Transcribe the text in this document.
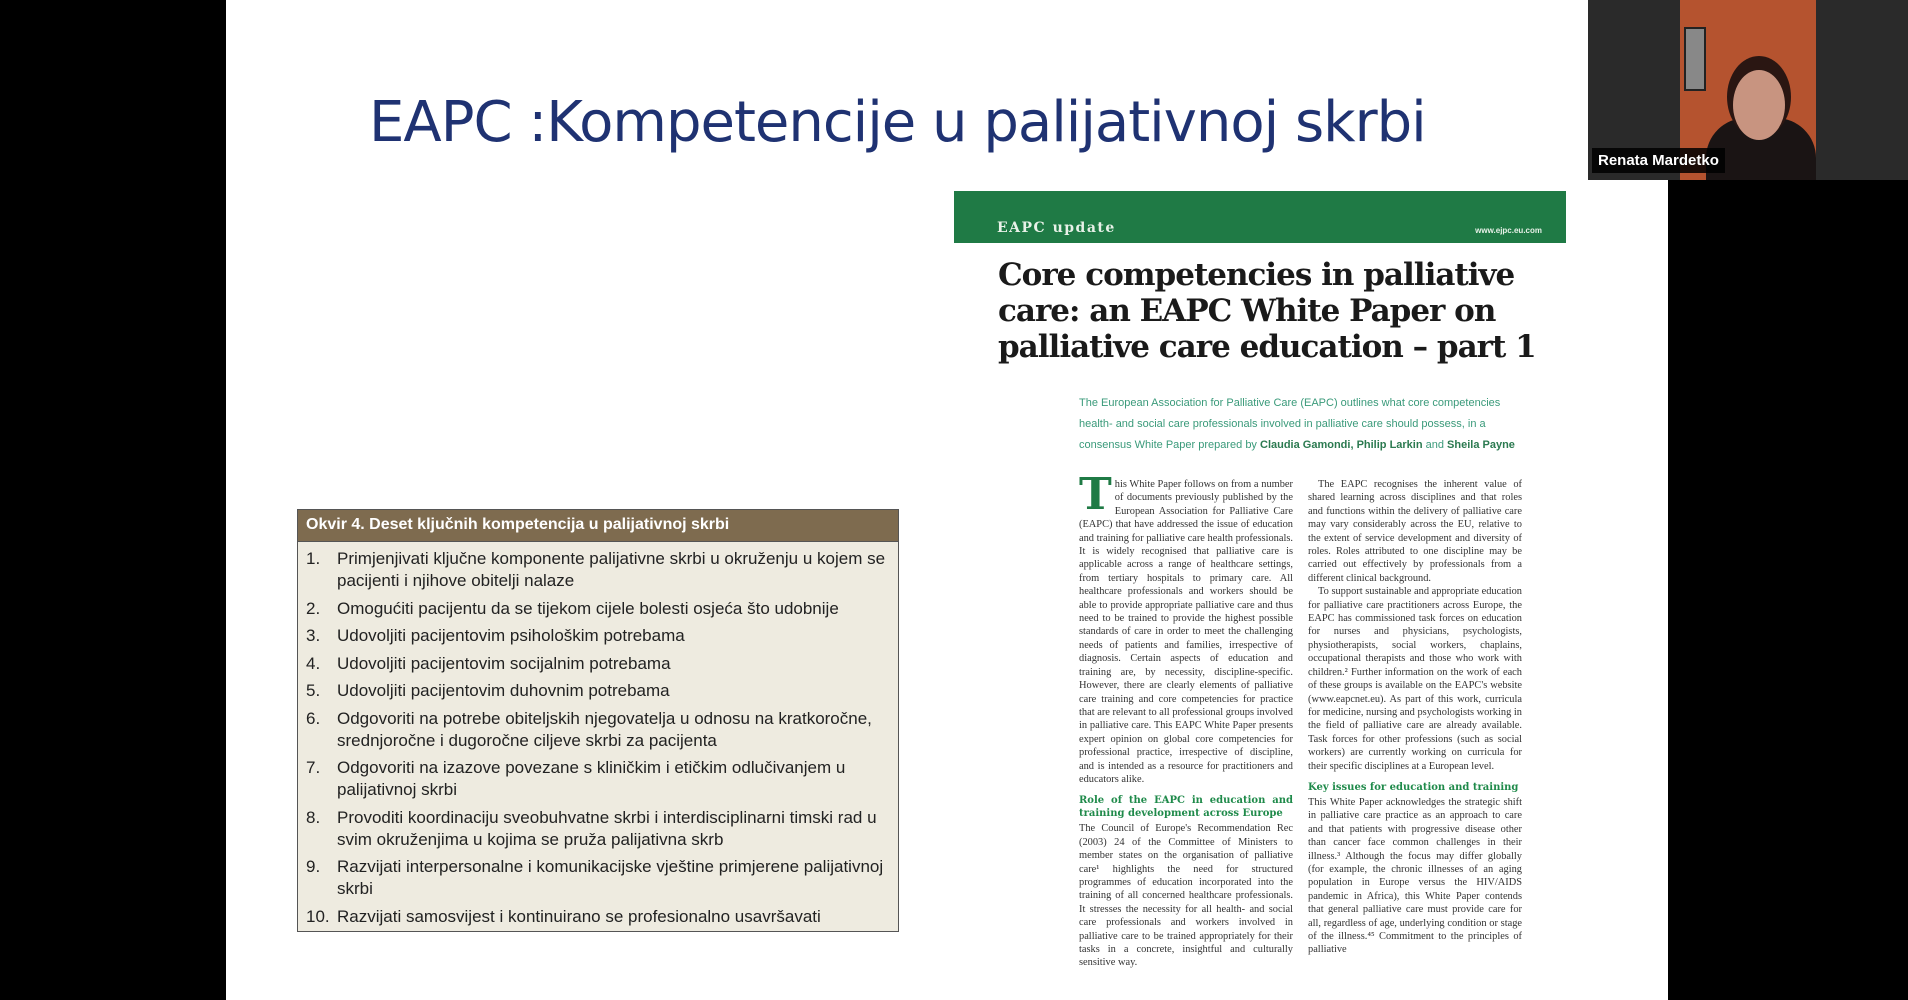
EAPC :Kompetencije u palijativnoj skrbi
Okvir 4. Deset ključnih kompetencija u palijativnoj skrbi
1. Primjenjivati ključne komponente palijativne skrbi u okruženju u kojem se pacijenti i njihove obitelji nalaze
2. Omogućiti pacijentu da se tijekom cijele bolesti osjeća što udobnije
3. Udovoljiti pacijentovim psihološkim potrebama
4. Udovoljiti pacijentovim socijalnim potrebama
5. Udovoljiti pacijentovim duhovnim potrebama
6. Odgovoriti na potrebe obiteljskih njegovatelja u odnosu na kratkoročne, srednjoročne i dugoročne ciljeve skrbi za pacijenta
7. Odgovoriti na izazove povezane s kliničkim i etičkim odlučivanjem u palijativnoj skrbi
8. Provoditi koordinaciju sveobuhvatne skrbi i interdisciplinarni timski rad u svim okruženjima u kojima se pruža palijativna skrb
9. Razvijati interpersonalne i komunikacijske vještine primjerene palijativnoj skrbi
10. Razvijati samosvijest i kontinuirano se profesionalno usavršavati
EAPC update	www.ejpc.eu.com
Core competencies in palliative care: an EAPC White Paper on palliative care education – part 1
The European Association for Palliative Care (EAPC) outlines what core competencies health- and social care professionals involved in palliative care should possess, in a consensus White Paper prepared by Claudia Gamondi, Philip Larkin and Sheila Payne

This White Paper follows on from a number of documents previously published by the European Association for Palliative Care (EAPC) that have addressed the issue of education and training for palliative care health professionals. It is widely recognised that palliative care is applicable across a range of healthcare settings, from tertiary hospitals to primary care. All healthcare professionals and workers should be able to provide appropriate palliative care and thus need to be trained to provide the highest possible standards of care in order to meet the challenging needs of patients and families, irrespective of diagnosis. Certain aspects of education and training are, by necessity, discipline-specific. However, there are clearly elements of palliative care training and core competencies for practice that are relevant to all professional groups involved in palliative care. This EAPC White Paper presents expert opinion on global core competencies for professional practice, irrespective of discipline, and is intended as a resource for practitioners and educators alike.

Role of the EAPC in education and training development across Europe

The Council of Europe's Recommendation Rec (2003) 24 of the Committee of Ministers to member states on the organisation of palliative care¹ highlights the need for structured programmes of education incorporated into the training of all concerned healthcare professionals. It stresses the necessity for all health- and social care professionals and workers involved in palliative care to be trained appropriately for their tasks in a concrete, insightful and culturally sensitive way.

The EAPC recognises the inherent value of shared learning across disciplines and that roles and functions within the delivery of palliative care may vary considerably across the EU, relative to the extent of service development and diversity of roles. Roles attributed to one discipline may be carried out effectively by professionals from a different clinical background.

To support sustainable and appropriate education for palliative care practitioners across Europe, the EAPC has commissioned task forces on education for nurses and physicians, psychologists, physiotherapists, social workers, chaplains, occupational therapists and those who work with children.² Further information on the work of each of these groups is available on the EAPC's website (www.eapcnet.eu). As part of this work, curricula for medicine, nursing and psychologists working in the field of palliative care are already available. Task forces for other professions (such as social workers) are currently working on curricula for their specific disciplines at a European level.

Key issues for education and training

This White Paper acknowledges the strategic shift in palliative care practice as an approach to care and that patients with progressive disease other than cancer face common challenges in their illness.³ Although the focus may differ globally (for example, the chronic illnesses of an aging population in Europe versus the HIV/AIDS pandemic in Africa), this White Paper contends that general palliative care must provide care for all, regardless of age, underlying condition or stage of the illness.⁴⁵ Commitment to the principles of palliative

Renata Mardetko
